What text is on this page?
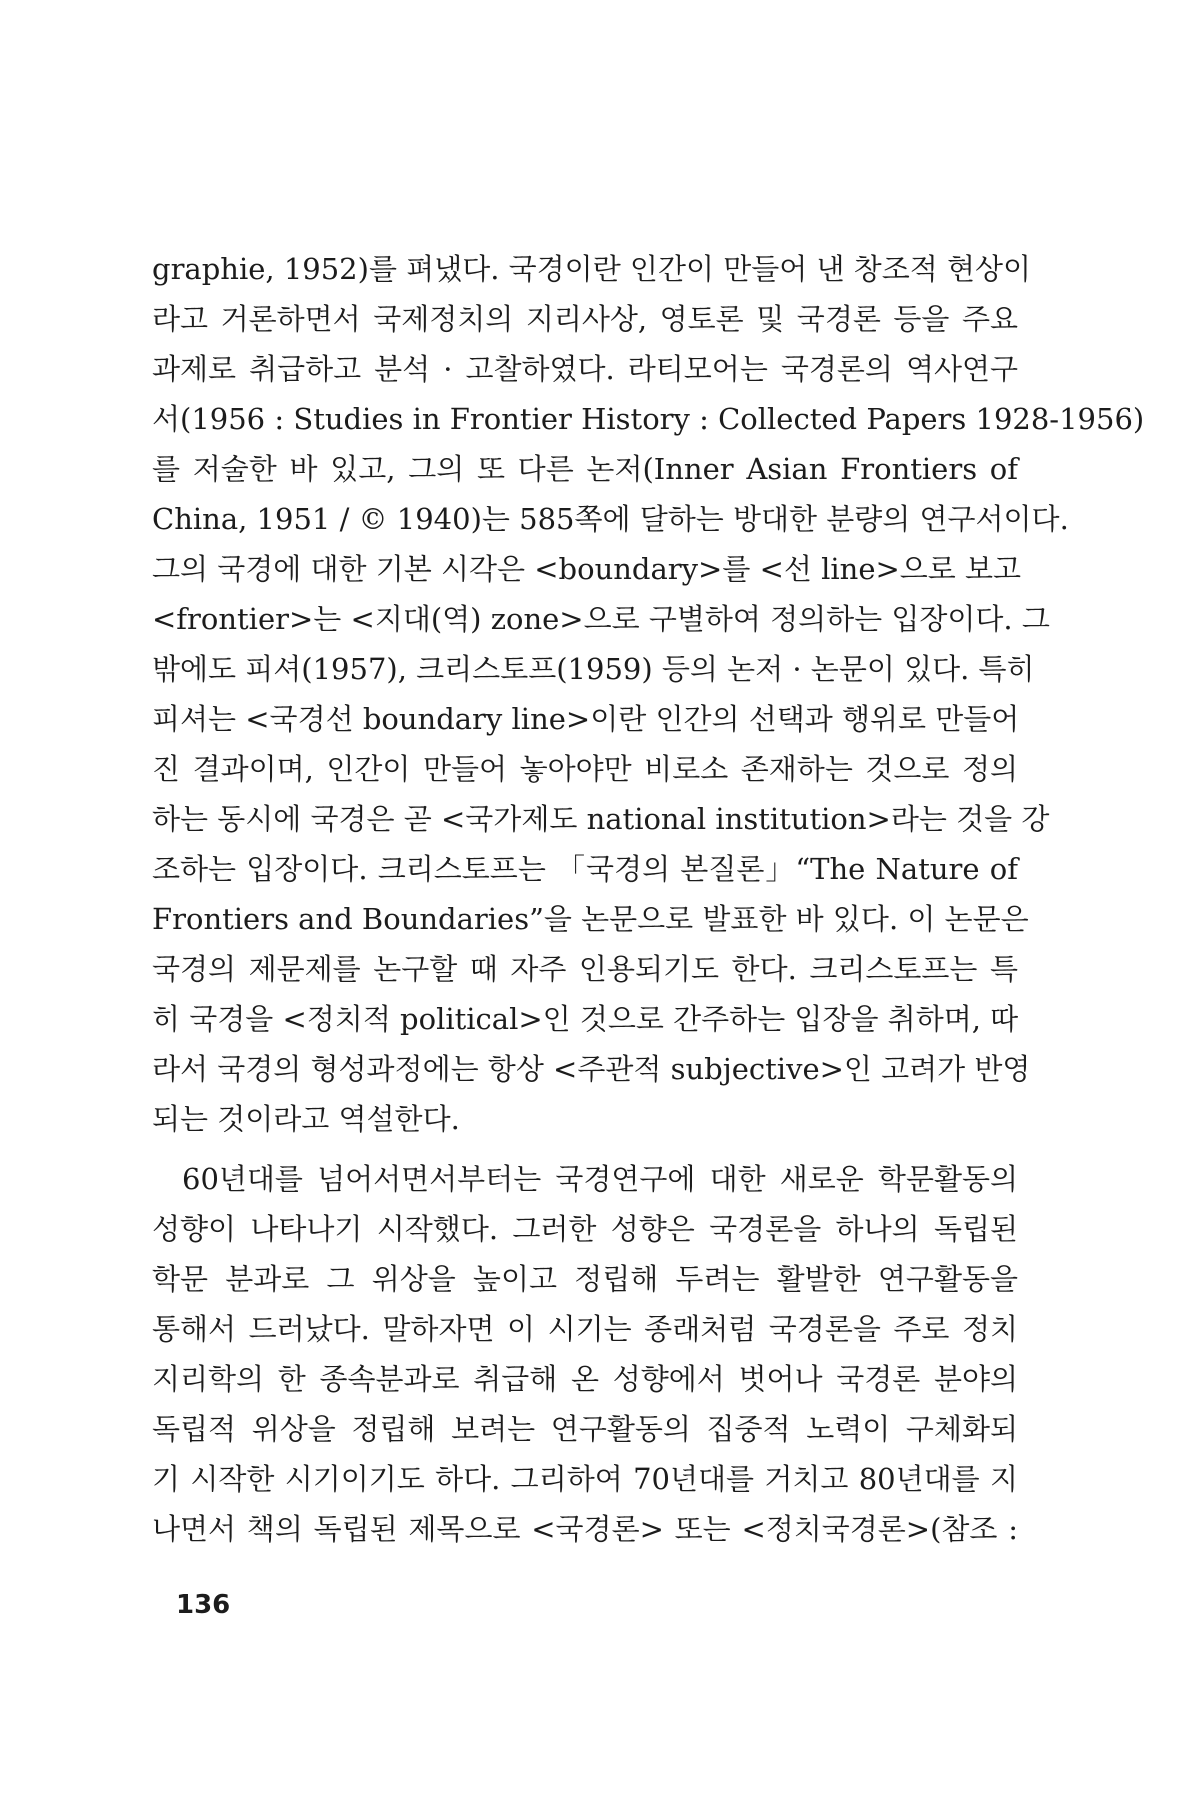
graphie, 1952)를 펴냈다. 국경이란 인간이 만들어 낸 창조적 현상이
라고 거론하면서 국제정치의 지리사상, 영토론 및 국경론 등을 주요
과제로 취급하고 분석 · 고찰하였다. 라티모어는 국경론의 역사연구
서(1956 : Studies in Frontier History : Collected Papers 1928-1956)
를 저술한 바 있고, 그의 또 다른 논저(Inner Asian Frontiers of
China, 1951 / © 1940)는 585쪽에 달하는 방대한 분량의 연구서이다.
그의 국경에 대한 기본 시각은 <boundary>를 <선 line>으로 보고
<frontier>는 <지대(역) zone>으로 구별하여 정의하는 입장이다. 그
밖에도 피셔(1957), 크리스토프(1959) 등의 논저 · 논문이 있다. 특히
피셔는 <국경선 boundary line>이란 인간의 선택과 행위로 만들어
진 결과이며, 인간이 만들어 놓아야만 비로소 존재하는 것으로 정의
하는 동시에 국경은 곧 <국가제도 national institution>라는 것을 강
조하는 입장이다. 크리스토프는 「국경의 본질론」“The Nature of
Frontiers and Boundaries”을 논문으로 발표한 바 있다. 이 논문은
국경의 제문제를 논구할 때 자주 인용되기도 한다. 크리스토프는 특
히 국경을 <정치적 political>인 것으로 간주하는 입장을 취하며, 따
라서 국경의 형성과정에는 항상 <주관적 subjective>인 고려가 반영
되는 것이라고 역설한다.
60년대를 넘어서면서부터는 국경연구에 대한 새로운 학문활동의
성향이 나타나기 시작했다. 그러한 성향은 국경론을 하나의 독립된
학문 분과로 그 위상을 높이고 정립해 두려는 활발한 연구활동을
통해서 드러났다. 말하자면 이 시기는 종래처럼 국경론을 주로 정치
지리학의 한 종속분과로 취급해 온 성향에서 벗어나 국경론 분야의
독립적 위상을 정립해 보려는 연구활동의 집중적 노력이 구체화되
기 시작한 시기이기도 하다. 그리하여 70년대를 거치고 80년대를 지
나면서 책의 독립된 제목으로 <국경론> 또는 <정치국경론>(참조 :
136
